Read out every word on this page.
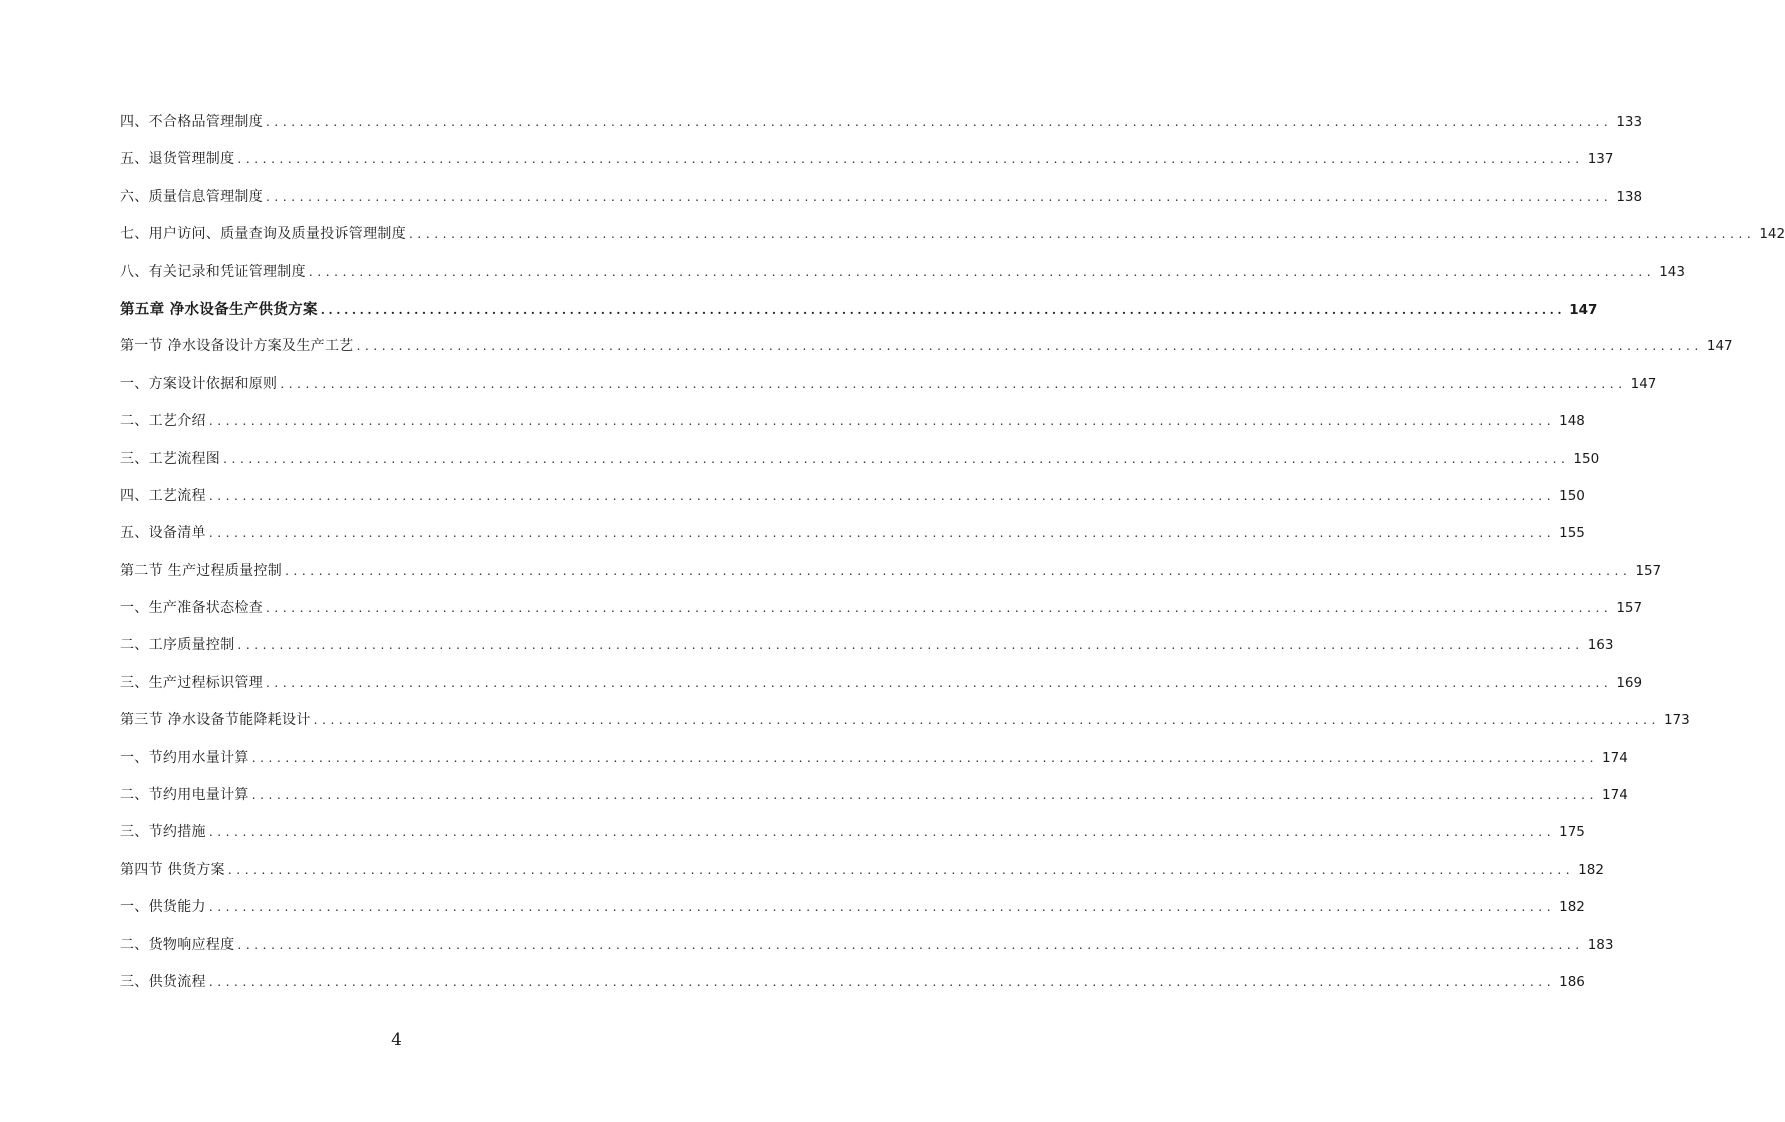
四、不合格品管理制度 ................................................................................................................................................................ 133
五、退货管理制度 ................................................................................................................................................................ 137
六、质量信息管理制度 ................................................................................................................................................................ 138
七、用户访问、质量查询及质量投诉管理制度 ................................................................................................................................................................ 142
八、有关记录和凭证管理制度 ................................................................................................................................................................ 143
第五章 净水设备生产供货方案 ................................................................................................................................................................ 147
第一节 净水设备设计方案及生产工艺 ................................................................................................................................................................ 147
一、方案设计依据和原则 ................................................................................................................................................................ 147
二、工艺介绍 ................................................................................................................................................................ 148
三、工艺流程图 ................................................................................................................................................................ 150
四、工艺流程 ................................................................................................................................................................ 150
五、设备清单 ................................................................................................................................................................ 155
第二节 生产过程质量控制 ................................................................................................................................................................ 157
一、生产准备状态检查 ................................................................................................................................................................ 157
二、工序质量控制 ................................................................................................................................................................ 163
三、生产过程标识管理 ................................................................................................................................................................ 169
第三节 净水设备节能降耗设计 ................................................................................................................................................................ 173
一、节约用水量计算 ................................................................................................................................................................ 174
二、节约用电量计算 ................................................................................................................................................................ 174
三、节约措施 ................................................................................................................................................................ 175
第四节 供货方案 ................................................................................................................................................................ 182
一、供货能力 ................................................................................................................................................................ 182
二、货物响应程度 ................................................................................................................................................................ 183
三、供货流程 ................................................................................................................................................................ 186
4
